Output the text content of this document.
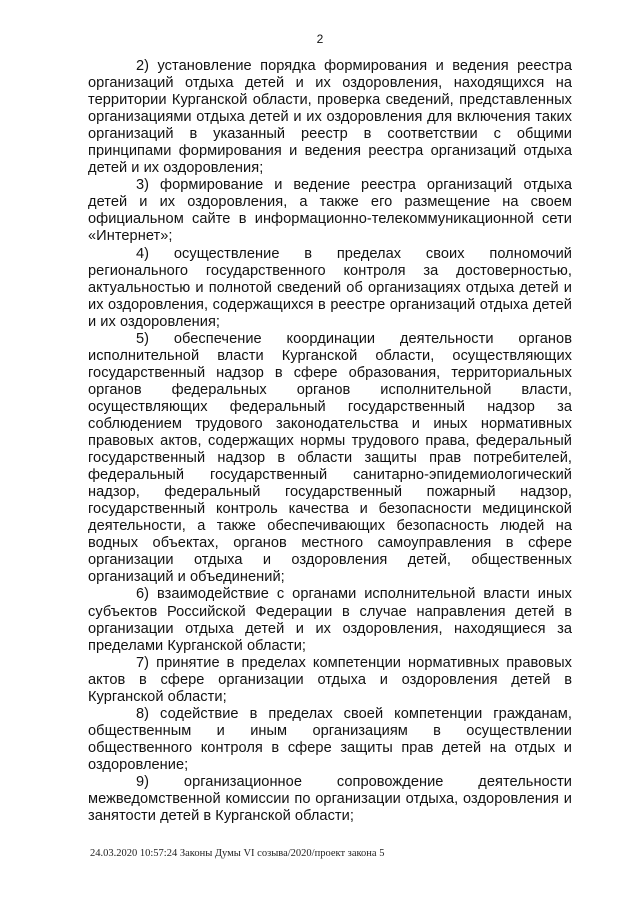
2

2) установление порядка формирования и ведения реестра организаций отдыха детей и их оздоровления, находящихся на территории Курганской области, проверка сведений, представленных организациями отдыха детей и их оздоровления для включения таких организаций в указанный реестр в соответствии с общими принципами формирования и ведения реестра организаций отдыха детей и их оздоровления;

3) формирование и ведение реестра организаций отдыха детей и их оздоровления, а также его размещение на своем официальном сайте в информационно-телекоммуникационной сети «Интернет»;

4) осуществление в пределах своих полномочий регионального государственного контроля за достоверностью, актуальностью и полнотой сведений об организациях отдыха детей и их оздоровления, содержащихся в реестре организаций отдыха детей и их оздоровления;

5) обеспечение координации деятельности органов исполнительной власти Курганской области, осуществляющих государственный надзор в сфере образования, территориальных органов федеральных органов исполнительной власти, осуществляющих федеральный государственный надзор за соблюдением трудового законодательства и иных нормативных правовых актов, содержащих нормы трудового права, федеральный государственный надзор в области защиты прав потребителей, федеральный государственный санитарно-эпидемиологический надзор, федеральный государственный пожарный надзор, государственный контроль качества и безопасности медицинской деятельности, а также обеспечивающих безопасность людей на водных объектах, органов местного самоуправления в сфере организации отдыха и оздоровления детей, общественных организаций и объединений;

6) взаимодействие с органами исполнительной власти иных субъектов Российской Федерации в случае направления детей в организации отдыха детей и их оздоровления, находящиеся за пределами Курганской области;

7) принятие в пределах компетенции нормативных правовых актов в сфере организации отдыха и оздоровления детей в Курганской области;

8) содействие в пределах своей компетенции гражданам, общественным и иным организациям в осуществлении общественного контроля в сфере защиты прав детей на отдых и оздоровление;

9) организационное сопровождение деятельности межведомственной комиссии по организации отдыха, оздоровления и занятости детей в Курганской области;

24.03.2020 10:57:24 Законы Думы VI созыва/2020/проект закона 5
